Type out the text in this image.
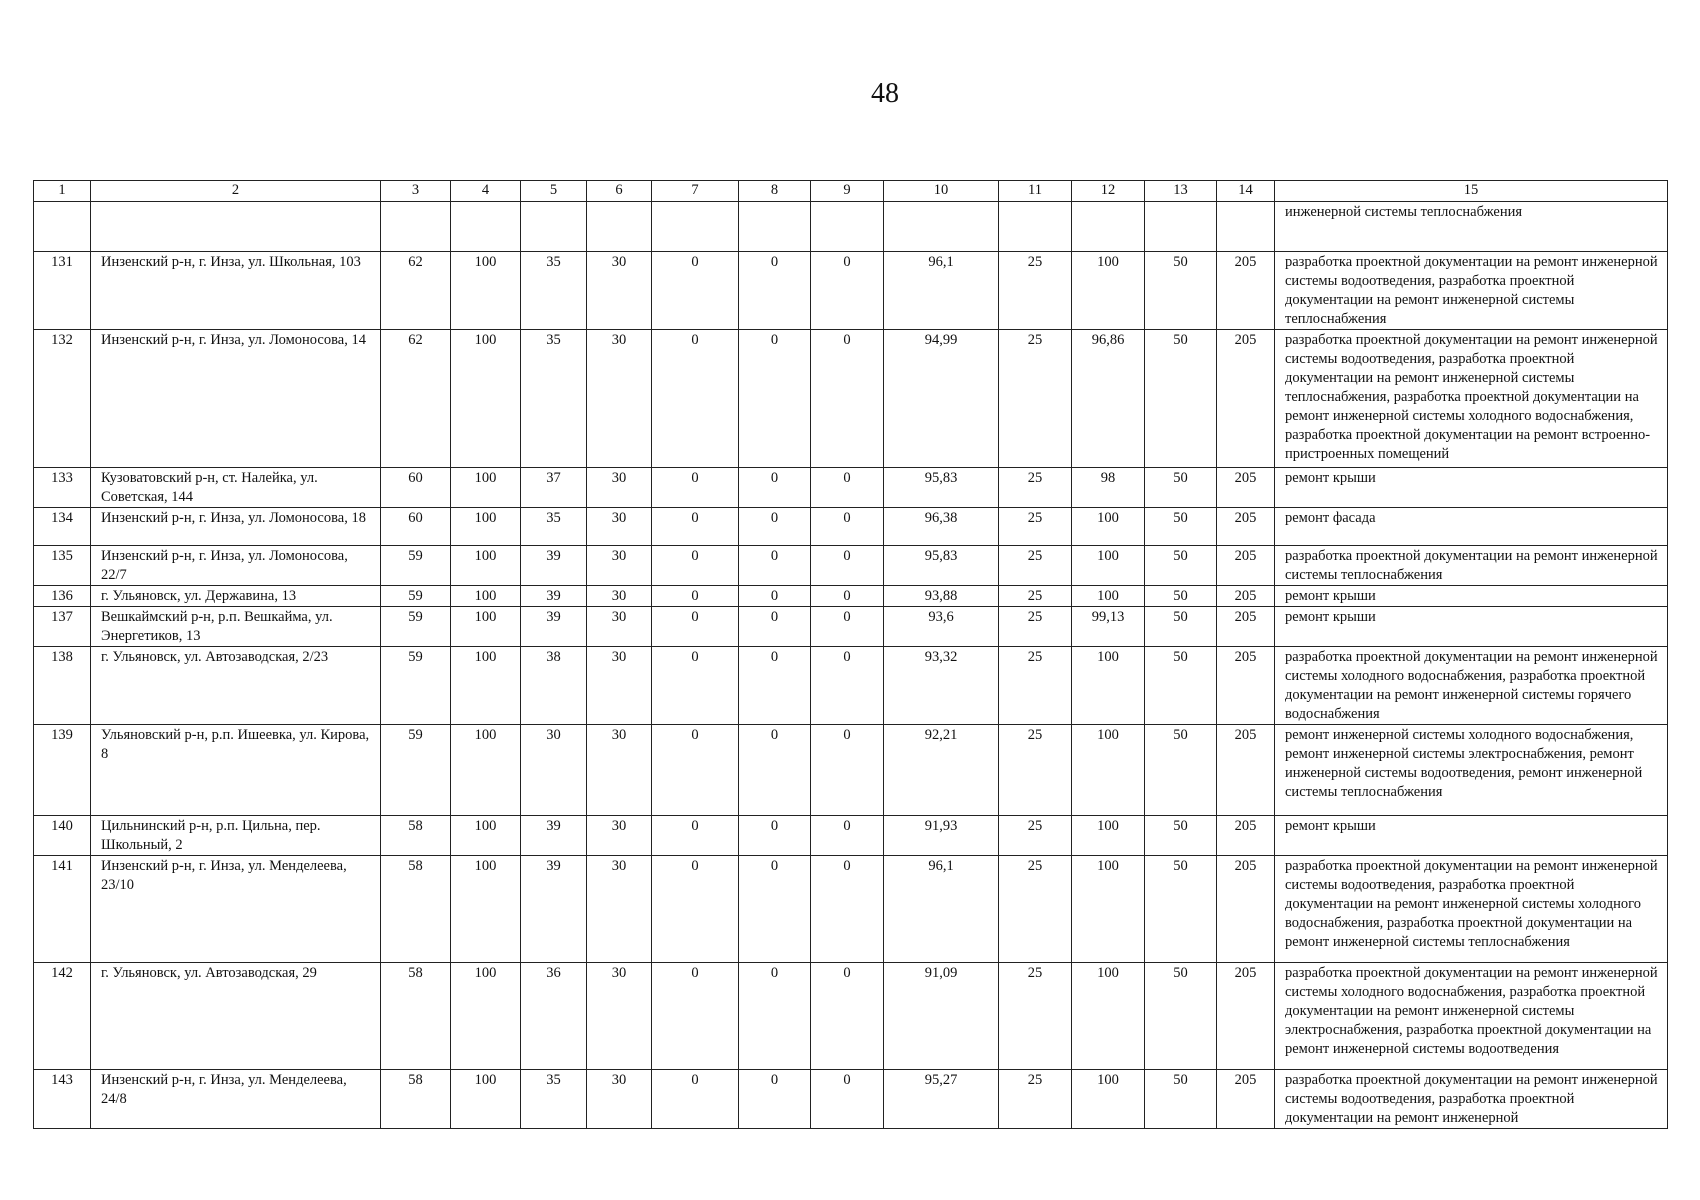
48
1	2	3	4	5	6	7	8	9	10	11	12	13	14	15
														инженерной системы теплоснабжения
131	Инзенский р-н, г. Инза, ул. Школьная, 103	62	100	35	30	0	0	0	96,1	25	100	50	205	разработка проектной документации на ремонт инженерной системы водоотведения, разработка проектной документации на ремонт инженерной системы теплоснабжения
132	Инзенский р-н, г. Инза, ул. Ломоносова, 14	62	100	35	30	0	0	0	94,99	25	96,86	50	205	разработка проектной документации на ремонт инженерной системы водоотведения, разработка проектной документации на ремонт инженерной системы теплоснабжения, разработка проектной документации на ремонт инженерной системы холодного водоснабжения, разработка проектной документации на ремонт встроенно-пристроенных помещений
133	Кузоватовский р-н, ст. Налейка, ул. Советская, 144	60	100	37	30	0	0	0	95,83	25	98	50	205	ремонт крыши
134	Инзенский р-н, г. Инза, ул. Ломоносова, 18	60	100	35	30	0	0	0	96,38	25	100	50	205	ремонт фасада
135	Инзенский р-н, г. Инза, ул. Ломоносова, 22/7	59	100	39	30	0	0	0	95,83	25	100	50	205	разработка проектной документации на ремонт инженерной системы теплоснабжения
136	г. Ульяновск, ул. Державина, 13	59	100	39	30	0	0	0	93,88	25	100	50	205	ремонт крыши
137	Вешкаймский р-н, р.п. Вешкайма, ул. Энергетиков, 13	59	100	39	30	0	0	0	93,6	25	99,13	50	205	ремонт крыши
138	г. Ульяновск, ул. Автозаводская, 2/23	59	100	38	30	0	0	0	93,32	25	100	50	205	разработка проектной документации на ремонт инженерной системы холодного водоснабжения, разработка проектной документации на ремонт инженерной системы горячего водоснабжения
139	Ульяновский р-н, р.п. Ишеевка, ул. Кирова, 8	59	100	30	30	0	0	0	92,21	25	100	50	205	ремонт инженерной системы холодного водоснабжения, ремонт инженерной системы электроснабжения, ремонт инженерной системы водоотведения, ремонт инженерной системы теплоснабжения
140	Цильнинский р-н, р.п. Цильна, пер. Школьный, 2	58	100	39	30	0	0	0	91,93	25	100	50	205	ремонт крыши
141	Инзенский р-н, г. Инза, ул. Менделеева, 23/10	58	100	39	30	0	0	0	96,1	25	100	50	205	разработка проектной документации на ремонт инженерной системы водоотведения, разработка проектной документации на ремонт инженерной системы холодного водоснабжения, разработка проектной документации на ремонт инженерной системы теплоснабжения
142	г. Ульяновск, ул. Автозаводская, 29	58	100	36	30	0	0	0	91,09	25	100	50	205	разработка проектной документации на ремонт инженерной системы холодного водоснабжения, разработка проектной документации на ремонт инженерной системы электроснабжения, разработка проектной документации на ремонт инженерной системы водоотведения
143	Инзенский р-н, г. Инза, ул. Менделеева, 24/8	58	100	35	30	0	0	0	95,27	25	100	50	205	разработка проектной документации на ремонт инженерной системы водоотведения, разработка проектной документации на ремонт инженерной
